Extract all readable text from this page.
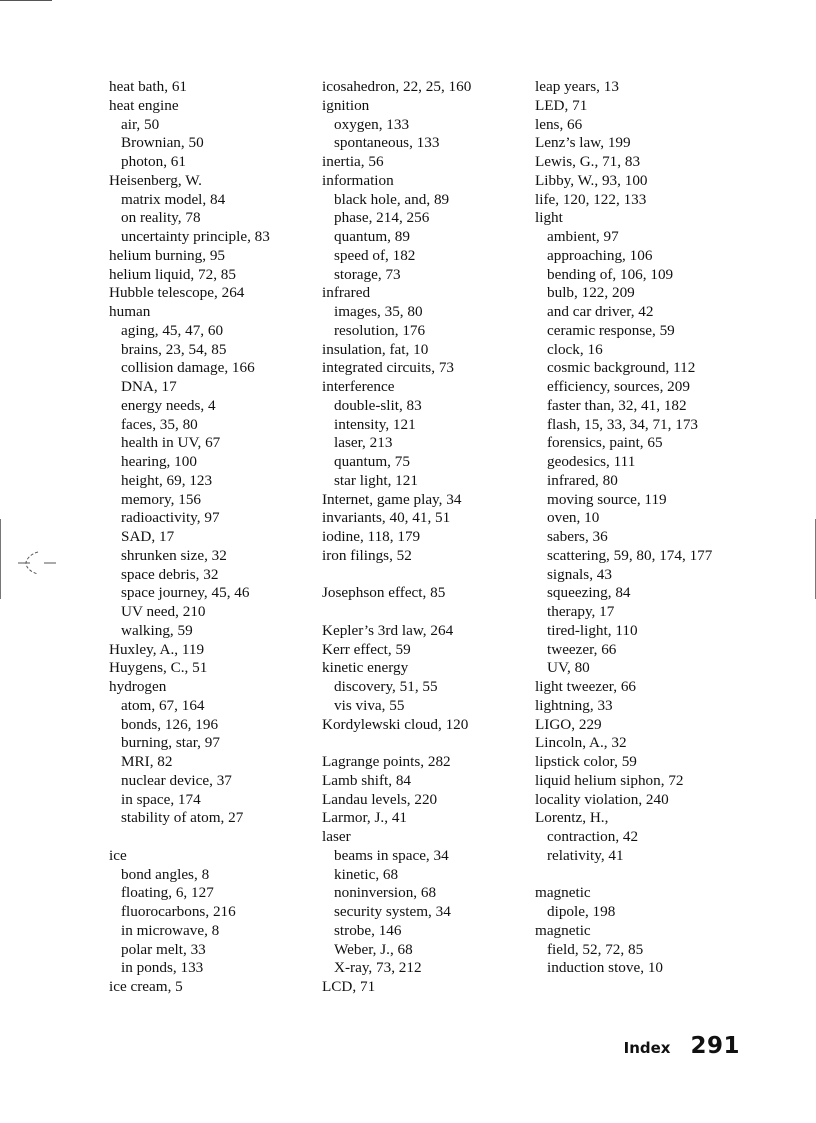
heat bath, 61
heat engine
air, 50
Brownian, 50
photon, 61
Heisenberg, W.
matrix model, 84
on reality, 78
uncertainty principle, 83
helium burning, 95
helium liquid, 72, 85
Hubble telescope, 264
human
aging, 45, 47, 60
brains, 23, 54, 85
collision damage, 166
DNA, 17
energy needs, 4
faces, 35, 80
health in UV, 67
hearing, 100
height, 69, 123
memory, 156
radioactivity, 97
SAD, 17
shrunken size, 32
space debris, 32
space journey, 45, 46
UV need, 210
walking, 59
Huxley, A., 119
Huygens, C., 51
hydrogen
atom, 67, 164
bonds, 126, 196
burning, star, 97
MRI, 82
nuclear device, 37
in space, 174
stability of atom, 27
ice
bond angles, 8
floating, 6, 127
fluorocarbons, 216
in microwave, 8
polar melt, 33
in ponds, 133
ice cream, 5
icosahedron, 22, 25, 160
ignition
oxygen, 133
spontaneous, 133
inertia, 56
information
black hole, and, 89
phase, 214, 256
quantum, 89
speed of, 182
storage, 73
infrared
images, 35, 80
resolution, 176
insulation, fat, 10
integrated circuits, 73
interference
double-slit, 83
intensity, 121
laser, 213
quantum, 75
star light, 121
Internet, game play, 34
invariants, 40, 41, 51
iodine, 118, 179
iron filings, 52
Josephson effect, 85
Kepler’s 3rd law, 264
Kerr effect, 59
kinetic energy
discovery, 51, 55
vis viva, 55
Kordylewski cloud, 120
Lagrange points, 282
Lamb shift, 84
Landau levels, 220
Larmor, J., 41
laser
beams in space, 34
kinetic, 68
noninversion, 68
security system, 34
strobe, 146
Weber, J., 68
X-ray, 73, 212
LCD, 71
leap years, 13
LED, 71
lens, 66
Lenz’s law, 199
Lewis, G., 71, 83
Libby, W., 93, 100
life, 120, 122, 133
light
ambient, 97
approaching, 106
bending of, 106, 109
bulb, 122, 209
and car driver, 42
ceramic response, 59
clock, 16
cosmic background, 112
efficiency, sources, 209
faster than, 32, 41, 182
flash, 15, 33, 34, 71, 173
forensics, paint, 65
geodesics, 111
infrared, 80
moving source, 119
oven, 10
sabers, 36
scattering, 59, 80, 174, 177
signals, 43
squeezing, 84
therapy, 17
tired-light, 110
tweezer, 66
UV, 80
light tweezer, 66
lightning, 33
LIGO, 229
Lincoln, A., 32
lipstick color, 59
liquid helium siphon, 72
locality violation, 240
Lorentz, H.,
contraction, 42
relativity, 41
magnetic
dipole, 198
magnetic
field, 52, 72, 85
induction stove, 10
Index 291
